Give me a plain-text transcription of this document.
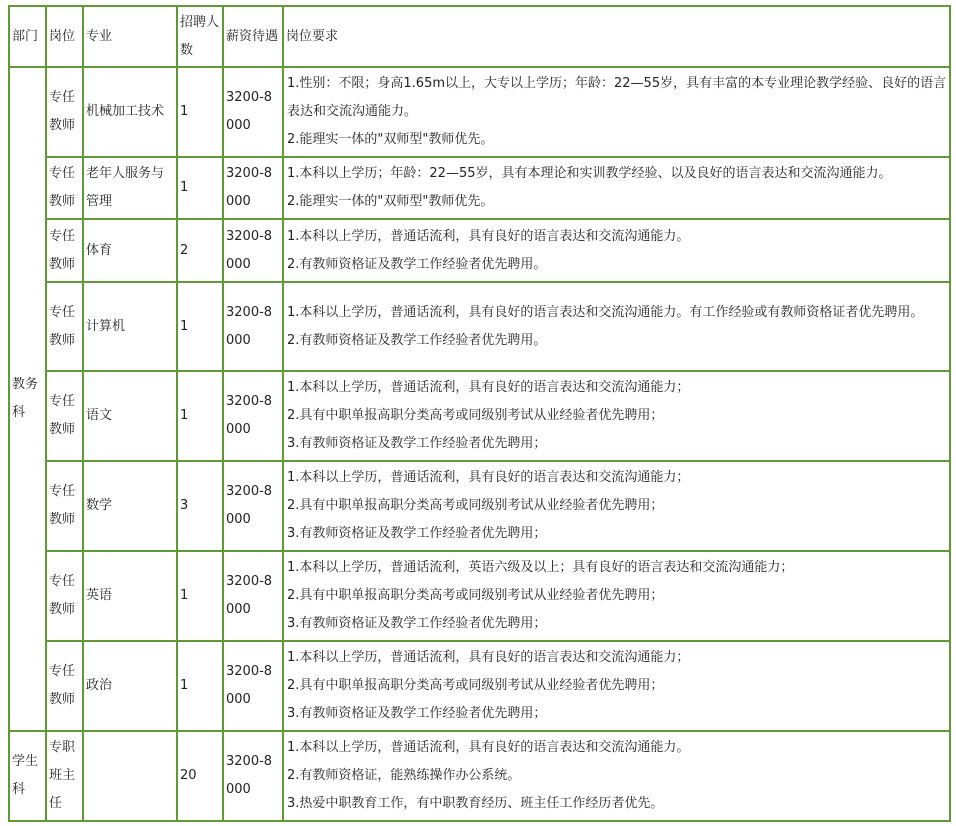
部门	岗位	专业	招聘人数	薪资待遇	岗位要求
教务科	专任教师	机械加工技术	1	3200-8000	1.性别：不限；身高1.65m以上，大专以上学历；年龄：22—55岁，具有丰富的本专业理论教学经验、良好的语言表达和交流沟通能力。
2.能理实一体的"双师型"教师优先。

	专任教师	老年人服务与管理	1	3200-8000	1.本科以上学历；年龄：22—55岁，具有本理论和实训教学经验、以及良好的语言表达和交流沟通能力。
2.能理实一体的"双师型"教师优先。

	专任教师	体育	2	3200-8000	1.本科以上学历，普通话流利，具有良好的语言表达和交流沟通能力。
2.有教师资格证及教学工作经验者优先聘用。

	专任教师	计算机	1	3200-8000	1.本科以上学历，普通话流利，具有良好的语言表达和交流沟通能力。有工作经验或有教师资格证者优先聘用。
2.有教师资格证及教学工作经验者优先聘用。

	专任教师	语文	1	3200-8000	1.本科以上学历，普通话流利，具有良好的语言表达和交流沟通能力；
2.具有中职单报高职分类高考或同级别考试从业经验者优先聘用；
3.有教师资格证及教学工作经验者优先聘用；

	专任教师	数学	3	3200-8000	1.本科以上学历，普通话流利，具有良好的语言表达和交流沟通能力；
2.具有中职单报高职分类高考或同级别考试从业经验者优先聘用；
3.有教师资格证及教学工作经验者优先聘用；

	专任教师	英语	1	3200-8000	1.本科以上学历，普通话流利，英语六级及以上；具有良好的语言表达和交流沟通能力；
2.具有中职单报高职分类高考或同级别考试从业经验者优先聘用；
3.有教师资格证及教学工作经验者优先聘用；

	专任教师	政治	1	3200-8000	1.本科以上学历，普通话流利，具有良好的语言表达和交流沟通能力；
2.具有中职单报高职分类高考或同级别考试从业经验者优先聘用；
3.有教师资格证及教学工作经验者优先聘用；

学生科	专职班主任		20	3200-8000	1.本科以上学历，普通话流利，具有良好的语言表达和交流沟通能力。
2.有教师资格证，能熟练操作办公系统。
3.热爱中职教育工作，有中职教育经历、班主任工作经历者优先。
